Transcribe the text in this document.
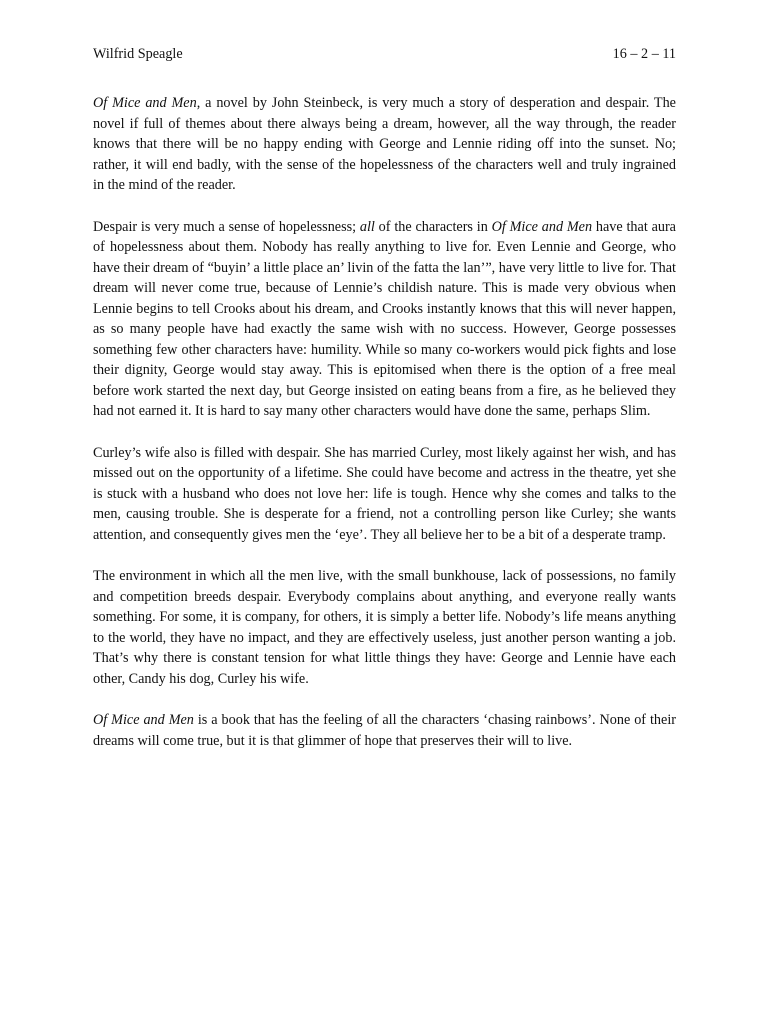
Wilfrid Speagle	16 – 2 – 11

Of Mice and Men, a novel by John Steinbeck, is very much a story of desperation and despair. The novel if full of themes about there always being a dream, however, all the way through, the reader knows that there will be no happy ending with George and Lennie riding off into the sunset. No; rather, it will end badly, with the sense of the hopelessness of the characters well and truly ingrained in the mind of the reader.

Despair is very much a sense of hopelessness; all of the characters in Of Mice and Men have that aura of hopelessness about them. Nobody has really anything to live for. Even Lennie and George, who have their dream of “buyin’ a little place an’ livin of the fatta the lan’”, have very little to live for. That dream will never come true, because of Lennie’s childish nature. This is made very obvious when Lennie begins to tell Crooks about his dream, and Crooks instantly knows that this will never happen, as so many people have had exactly the same wish with no success. However, George possesses something few other characters have: humility. While so many co-workers would pick fights and lose their dignity, George would stay away. This is epitomised when there is the option of a free meal before work started the next day, but George insisted on eating beans from a fire, as he believed they had not earned it. It is hard to say many other characters would have done the same, perhaps Slim.

Curley’s wife also is filled with despair. She has married Curley, most likely against her wish, and has missed out on the opportunity of a lifetime. She could have become and actress in the theatre, yet she is stuck with a husband who does not love her: life is tough. Hence why she comes and talks to the men, causing trouble. She is desperate for a friend, not a controlling person like Curley; she wants attention, and consequently gives men the ‘eye’. They all believe her to be a bit of a desperate tramp.

The environment in which all the men live, with the small bunkhouse, lack of possessions, no family and competition breeds despair. Everybody complains about anything, and everyone really wants something. For some, it is company, for others, it is simply a better life. Nobody’s life means anything to the world, they have no impact, and they are effectively useless, just another person wanting a job. That’s why there is constant tension for what little things they have: George and Lennie have each other, Candy his dog, Curley his wife.

Of Mice and Men is a book that has the feeling of all the characters ‘chasing rainbows’. None of their dreams will come true, but it is that glimmer of hope that preserves their will to live.
